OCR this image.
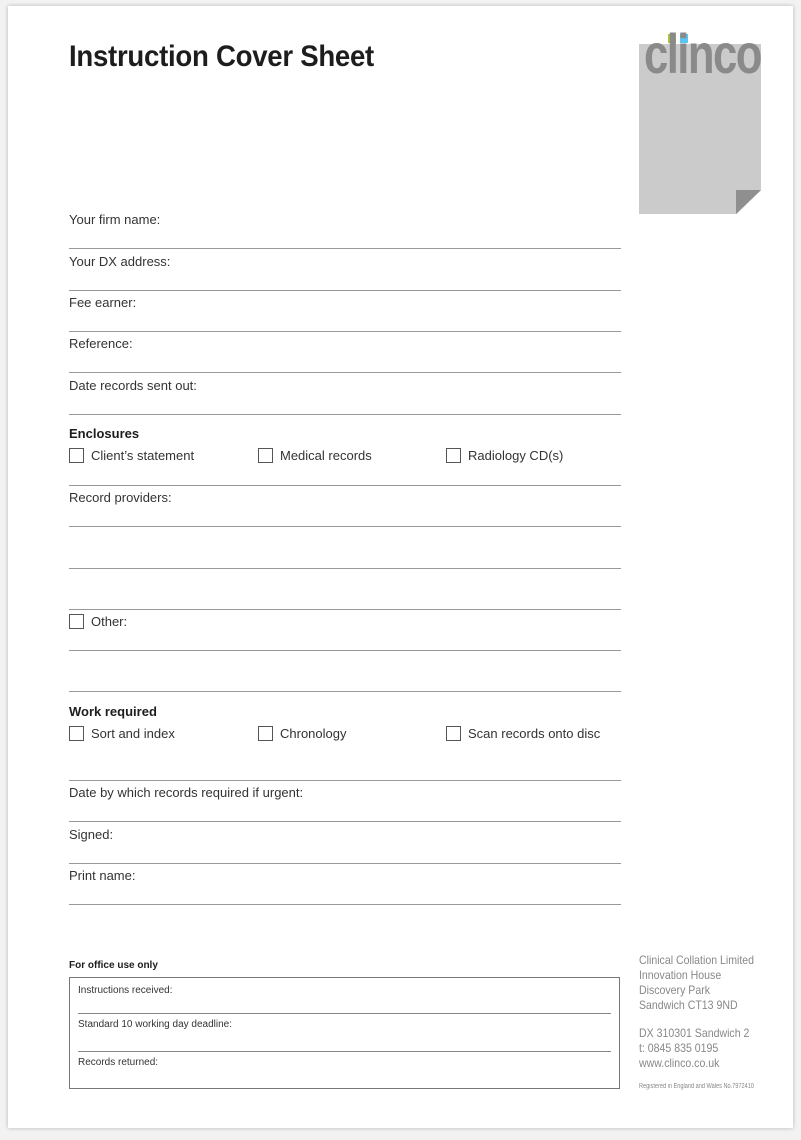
Instruction Cover Sheet	clinco
Your firm name:
Your DX address:
Fee earner:
Reference:
Date records sent out:
Enclosures
Client’s statement	Medical records	Radiology CD(s)
Record providers:
Other:
Work required
Sort and index	Chronology	Scan records onto disc
Date by which records required if urgent:
Signed:
Print name:
For office use only
Instructions received:
Standard 10 working day deadline:
Records returned:
Clinical Collation Limited
Innovation House
Discovery Park
Sandwich CT13 9ND
DX 310301 Sandwich 2
t: 0845 835 0195
www.clinco.co.uk
Registered in England and Wales No.7972410
